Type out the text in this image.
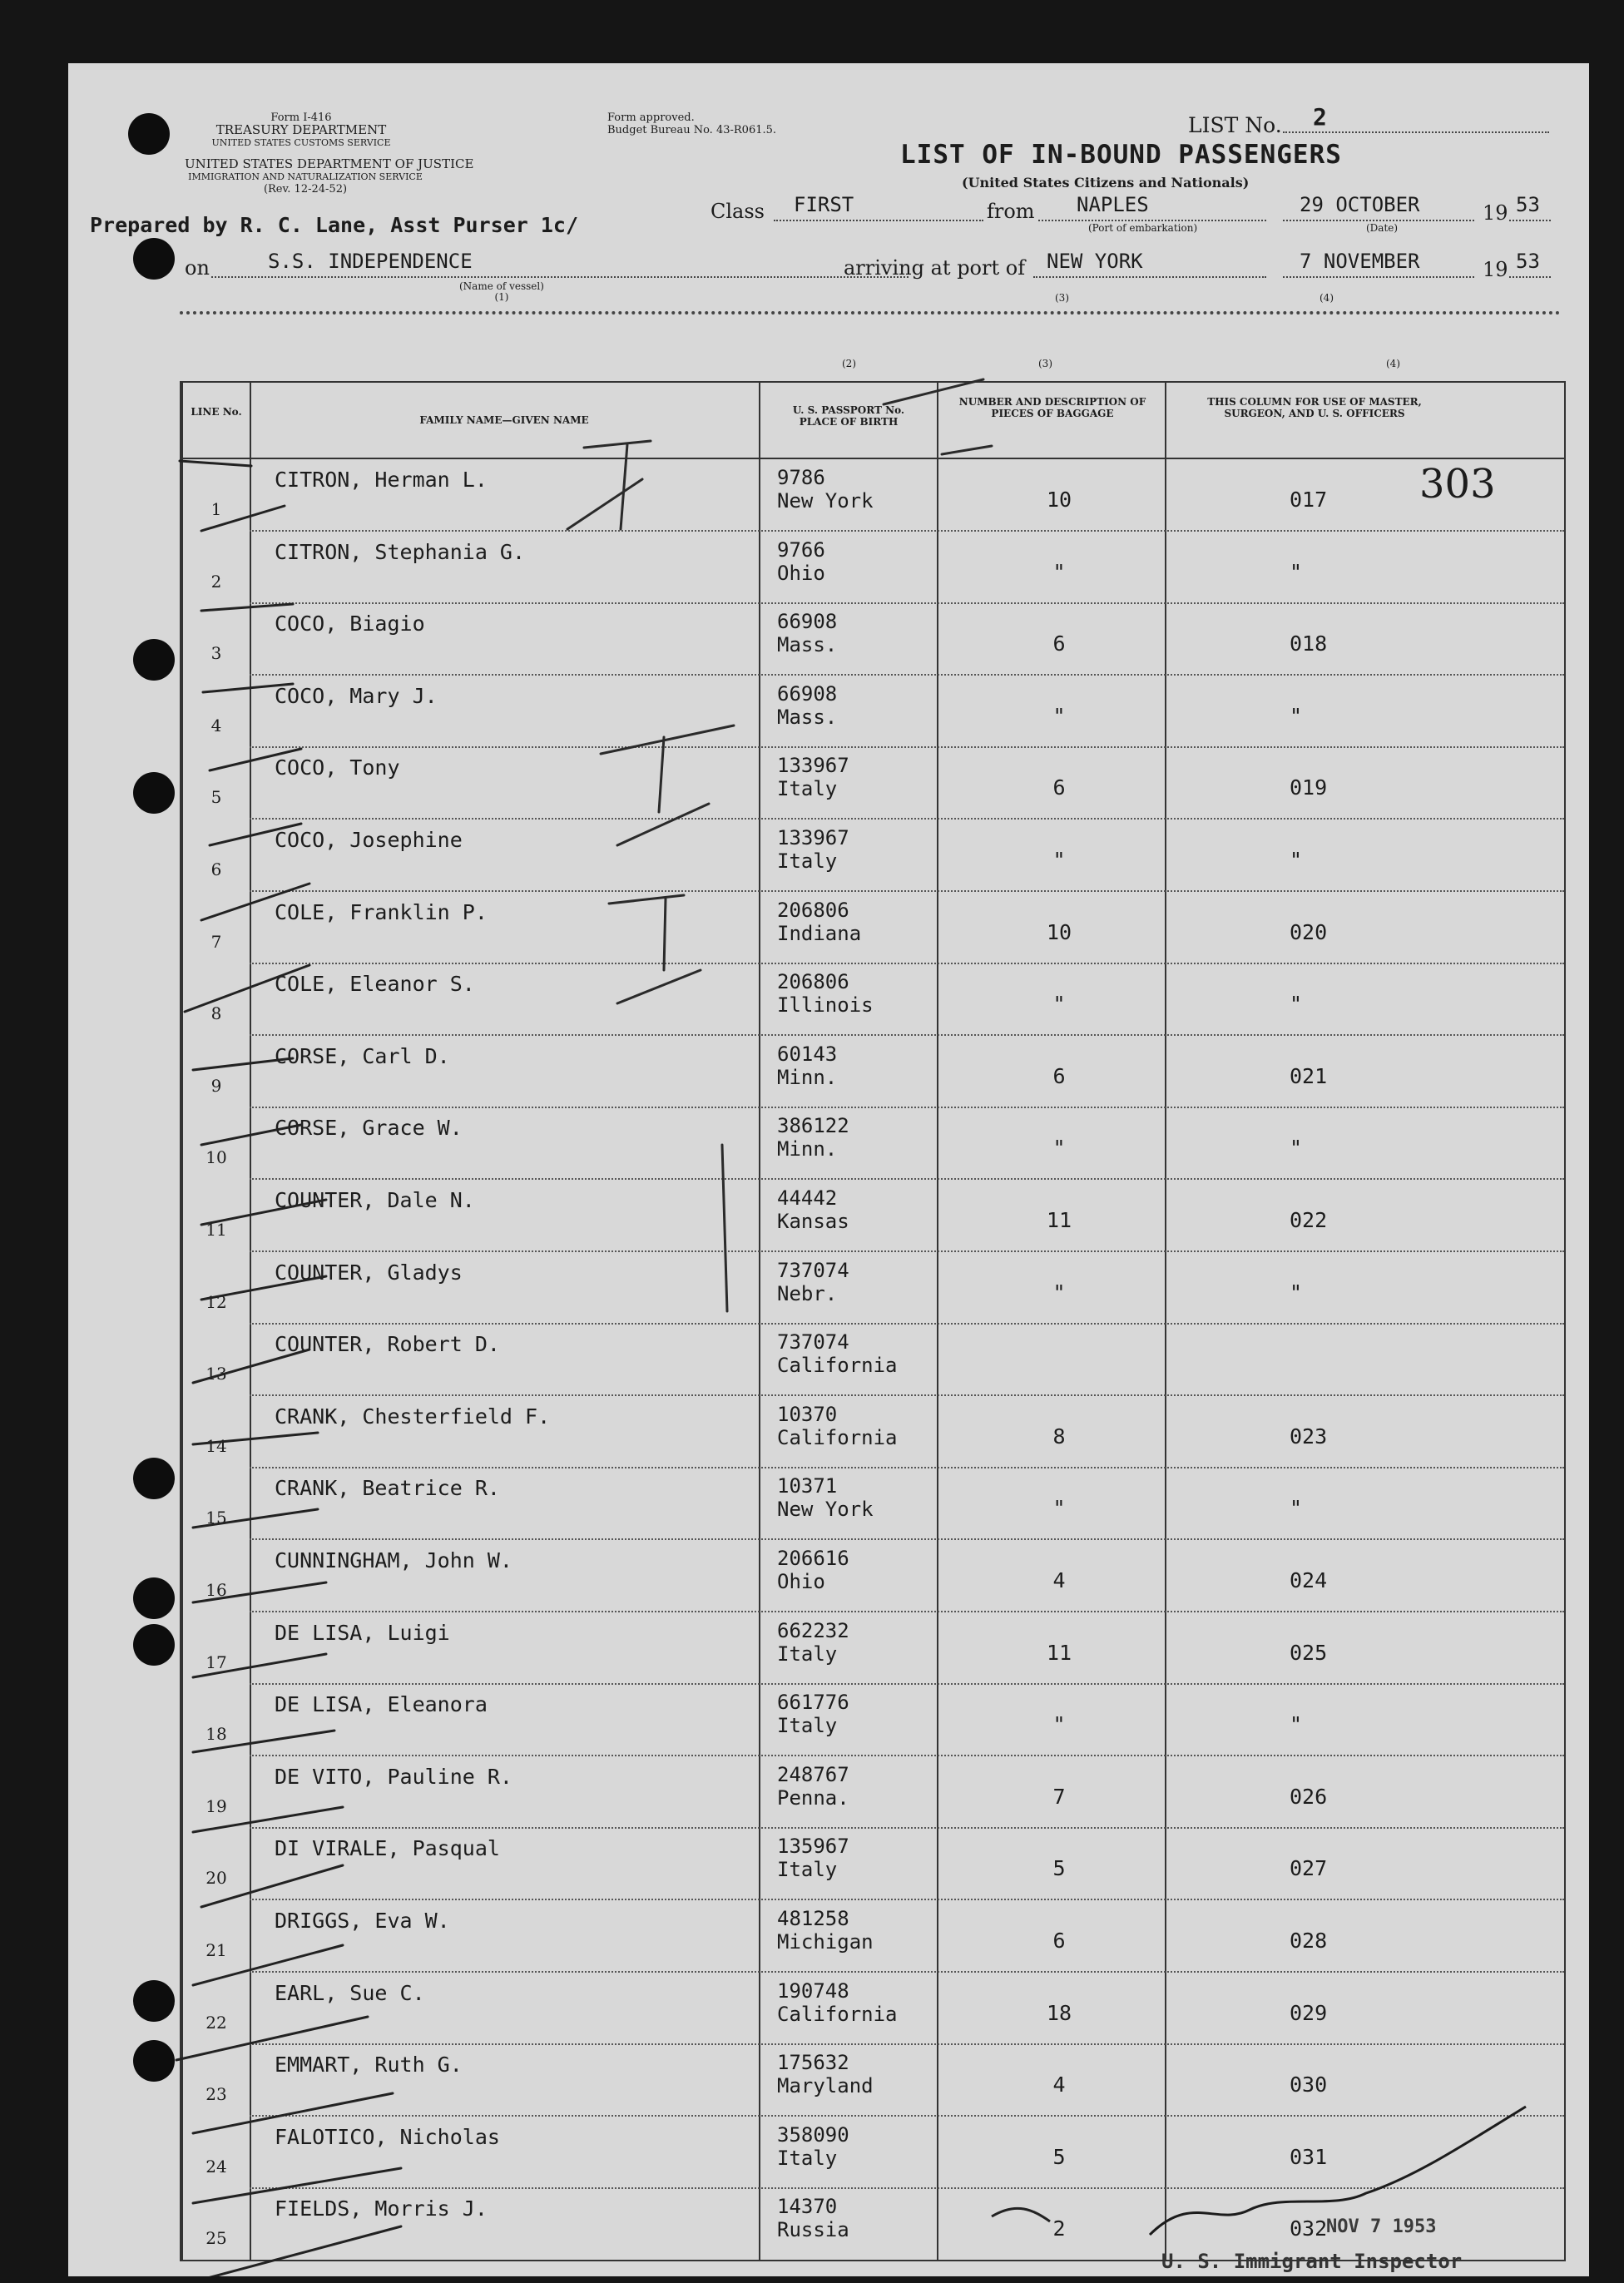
Form I-416
TREASURY DEPARTMENT
UNITED STATES CUSTOMS SERVICE
UNITED STATES DEPARTMENT OF JUSTICE
IMMIGRATION AND NATURALIZATION SERVICE
(Rev. 12-24-52)
Form approved.
Budget Bureau No. 43-R061.5.	LIST No. 2
LIST OF IN-BOUND PASSENGERS
(United States Citizens and Nationals)
Prepared by R. C. Lane, Asst Purser 1c/
Class FIRST	from NAPLES
(Port of embarkation)
29 OCTOBER
(Date)
19 53
on	S.S. INDEPENDENCE
(Name of vessel)
(1)
arriving at port of NEW YORK
(3)
7 NOVEMBER
(4)
19 53
LINE No.
FAMILY NAME—GIVEN NAME
U. S. PASSPORT No. PLACE OF BIRTH
NUMBER AND DESCRIPTION OF PIECES OF BAGGAGE
THIS COLUMN FOR USE OF MASTER, SURGEON, AND U. S. OFFICERS
(2)	(3)	(4)
1
CITRON, Herman L.	9786
New York	10	017
2
CITRON, Stephania G.	9766
Ohio	"	"
3
COCO, Biagio	66908
Mass.	6	018
4
COCO, Mary J.	66908
Mass.	"	"
5
COCO, Tony	133967
Italy	6	019
6
COCO, Josephine	133967
Italy	"	"
7
COLE, Franklin P.	206806
Indiana	10	020
8
COLE, Eleanor S.	206806
Illinois	"	"
9
CORSE, Carl D.	60143
Minn.	6	021
10
CORSE, Grace W.	386122
Minn.	"	"
11
COUNTER, Dale N.	44442
Kansas	11	022
12
COUNTER, Gladys	737074
Nebr.	"	"
13
COUNTER, Robert D.	737074
California
14
CRANK, Chesterfield F.	10370
California	8	023
15
CRANK, Beatrice R.	10371
New York	"	"
16
CUNNINGHAM, John W.	206616
Ohio	4	024
17
DE LISA, Luigi	662232
Italy	11	025
18
DE LISA, Eleanora	661776
Italy	"	"
19
DE VITO, Pauline R.	248767
Penna.	7	026
20
DI VIRALE, Pasqual	135967
Italy	5	027
21
DRIGGS, Eva W.	481258
Michigan	6	028
22
EARL, Sue C.	190748
California	18	029
23
EMMART, Ruth G.	175632
Maryland	4	030
24
FALOTICO, Nicholas	358090
Italy	5	031
25
FIELDS, Morris J.	14370
Russia	2	032
303
U. S. Immigrant Inspector
NOV 7 1953
